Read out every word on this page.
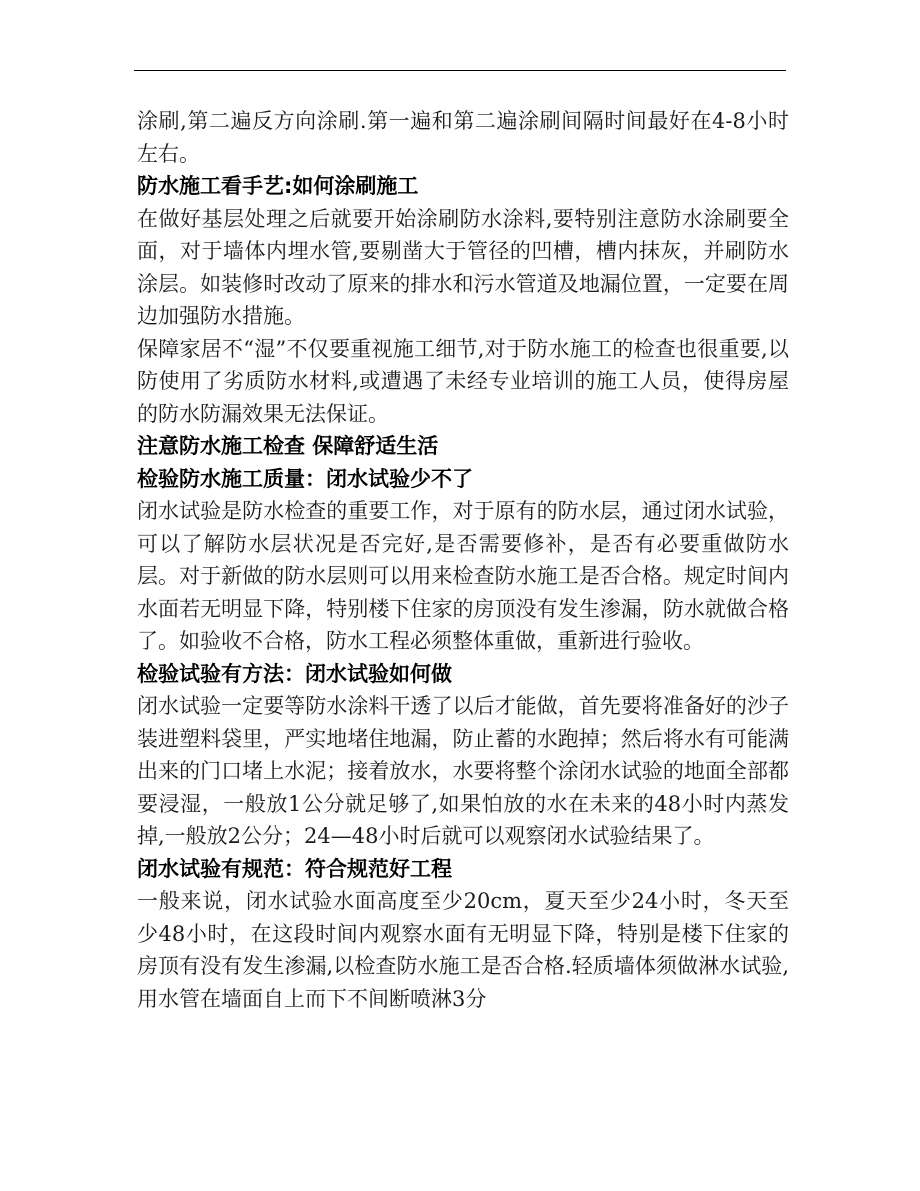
涂刷,第二遍反方向涂刷.第一遍和第二遍涂刷间隔时间最好在4-8小时左右。

防水施工看手艺:如何涂刷施工

在做好基层处理之后就要开始涂刷防水涂料,要特别注意防水涂刷要全面，对于墙体内埋水管,要剔凿大于管径的凹槽，槽内抹灰，并刷防水涂层。如装修时改动了原来的排水和污水管道及地漏位置，一定要在周边加强防水措施。

保障家居不“湿”不仅要重视施工细节,对于防水施工的检查也很重要,以防使用了劣质防水材料,或遭遇了未经专业培训的施工人员，使得房屋的防水防漏效果无法保证。

注意防水施工检查 保障舒适生活
检验防水施工质量：闭水试验少不了

闭水试验是防水检查的重要工作，对于原有的防水层，通过闭水试验，可以了解防水层状况是否完好,是否需要修补，是否有必要重做防水层。对于新做的防水层则可以用来检查防水施工是否合格。规定时间内水面若无明显下降，特别楼下住家的房顶没有发生渗漏，防水就做合格了。如验收不合格，防水工程必须整体重做，重新进行验收。

检验试验有方法：闭水试验如何做

闭水试验一定要等防水涂料干透了以后才能做，首先要将准备好的沙子装进塑料袋里，严实地堵住地漏，防止蓄的水跑掉；然后将水有可能满出来的门口堵上水泥；接着放水，水要将整个涂闭水试验的地面全部都要浸湿，一般放1公分就足够了,如果怕放的水在未来的48小时内蒸发掉,一般放2公分；24—48小时后就可以观察闭水试验结果了。

闭水试验有规范：符合规范好工程

一般来说，闭水试验水面高度至少20cm，夏天至少24小时，冬天至少48小时，在这段时间内观察水面有无明显下降，特别是楼下住家的房顶有没有发生渗漏,以检查防水施工是否合格.轻质墙体须做淋水试验,用水管在墙面自上而下不间断喷淋3分
